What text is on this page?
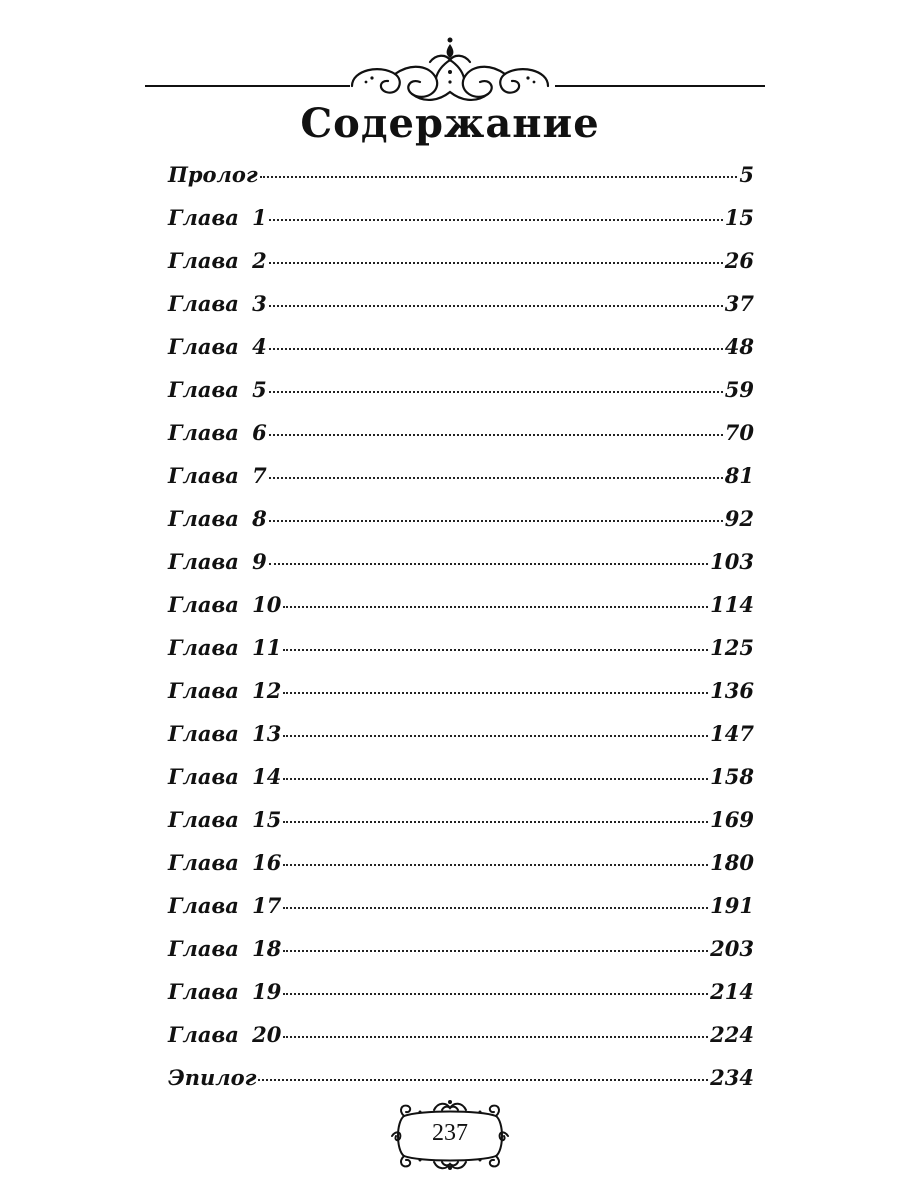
Содержание
Пролог	5
Глава 1	15
Глава 2	26
Глава 3	37
Глава 4	48
Глава 5	59
Глава 6	70
Глава 7	81
Глава 8	92
Глава 9	103
Глава 10	114
Глава 11	125
Глава 12	136
Глава 13	147
Глава 14	158
Глава 15	169
Глава 16	180
Глава 17	191
Глава 18	203
Глава 19	214
Глава 20	224
Эпилог	234
237
